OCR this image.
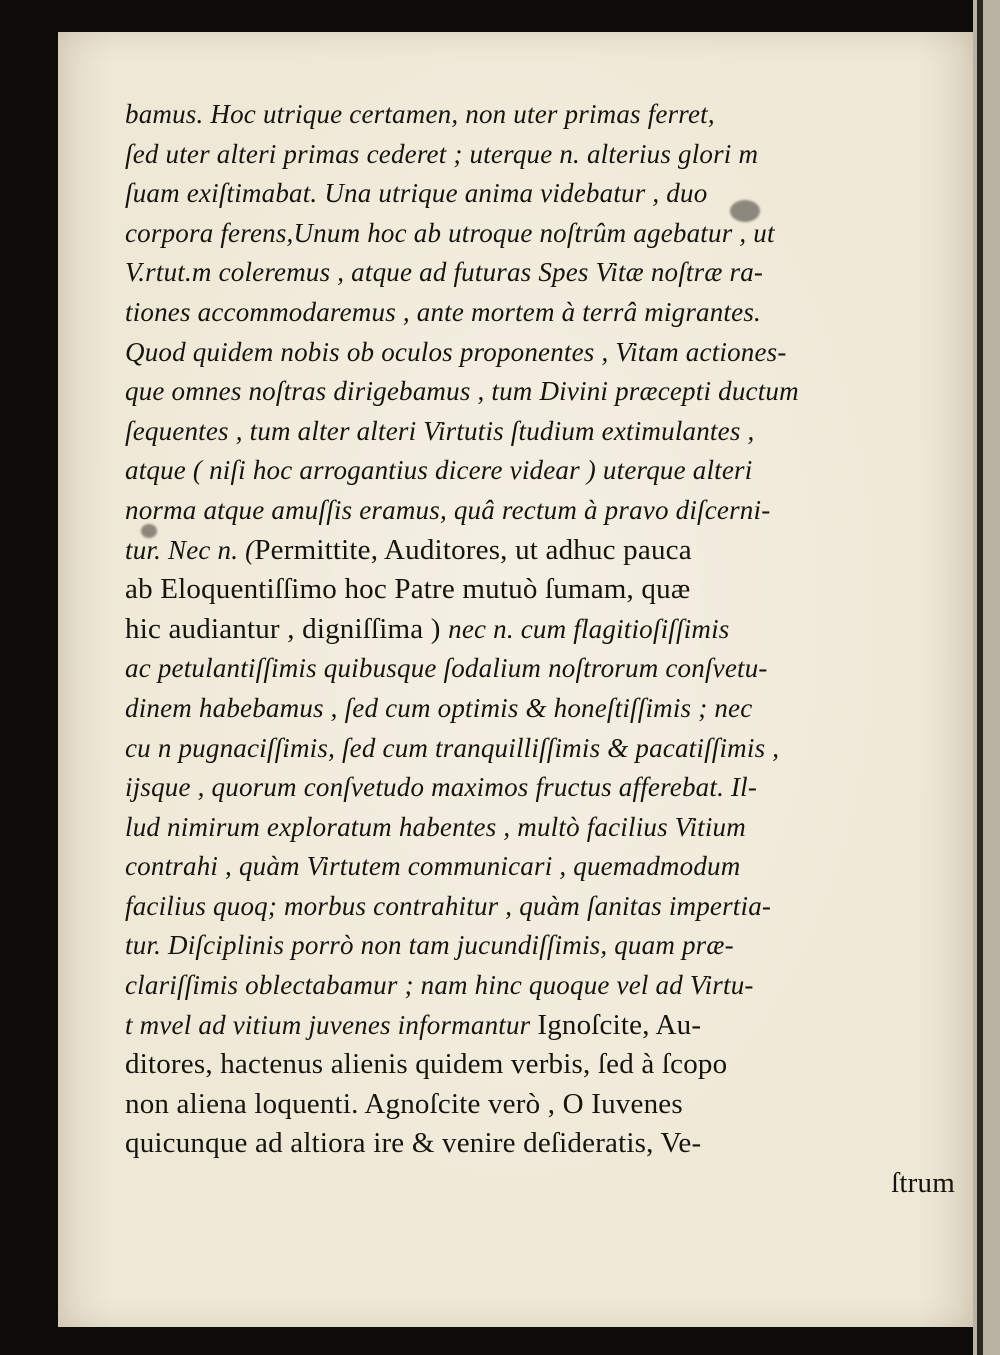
bamus. Hoc utrique certamen, non uter primas ferret,
ſed uter alteri primas cederet ; uterque n. alterius glori m
ſuam exiſtimabat. Una utrique anima videbatur , duo
corpora ferens,Unum hoc ab utroque noſtrûm agebatur , ut
V.rtut.m coleremus , atque ad futuras Spes Vitæ noſtræ ra-
tiones accommodaremus , ante mortem à terrâ migrantes.
Quod quidem nobis ob oculos proponentes , Vitam actiones-
que omnes noſtras dirigebamus , tum Divini præcepti ductum
ſequentes , tum alter alteri Virtutis ſtudium extimulantes ,
atque ( niſi hoc arrogantius dicere videar ) uterque alteri
norma atque amuſſis eramus, quâ rectum à pravo diſcerni-
tur. Nec n. (Permittite, Auditores, ut adhuc pauca
ab Eloquentiſſimo hoc Patre mutuò ſumam, quæ
hic audiantur , digniſſima ) nec n. cum flagitioſiſſimis
ac petulantiſſimis quibusque ſodalium noſtrorum conſvetu-
dinem habebamus , ſed cum optimis & honeſtiſſimis ; nec
cu n pugnaciſſimis, ſed cum tranquilliſſimis & pacatiſſimis ,
ijsque , quorum conſvetudo maximos fructus afferebat. Il-
lud nimirum exploratum habentes , multò facilius Vitium
contrahi , quàm Virtutem communicari , quemadmodum
facilius quoq; morbus contrahitur , quàm ſanitas impertia-
tur. Diſciplinis porrò non tam jucundiſſimis, quam præ-
clariſſimis oblectabamur ; nam hinc quoque vel ad Virtu-
t mvel ad vitium juvenes informantur Ignoſcite, Au-
ditores, hactenus alienis quidem verbis, ſed à ſcopo
non aliena loquenti. Agnoſcite verò , O Iuvenes
quicunque ad altiora ire & venire deſideratis, Ve-
ſtrum
